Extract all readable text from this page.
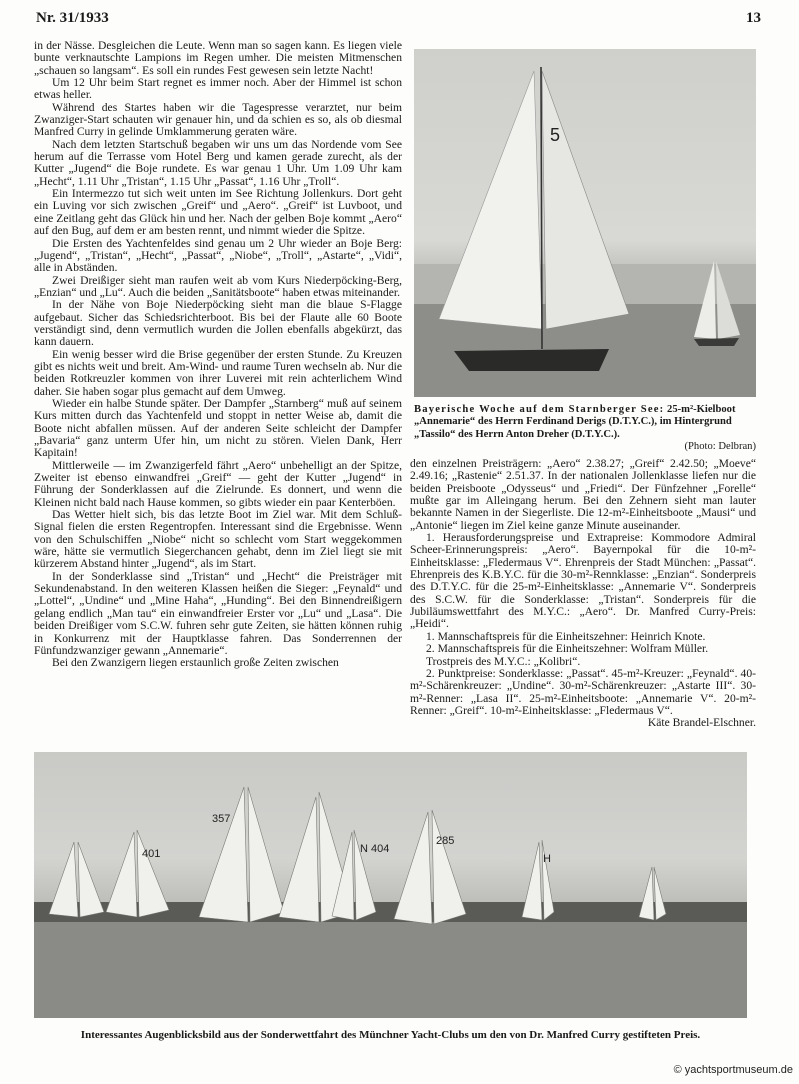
Nr. 31/1933	13

in der Nässe. Desgleichen die Leute. Wenn man so sagen kann. Es liegen viele bunte verknautschte Lampions im Regen umher. Die meisten Mitmenschen „schauen so langsam“. Es soll ein rundes Fest gewesen sein letzte Nacht!

Um 12 Uhr beim Start regnet es immer noch. Aber der Himmel ist schon etwas heller.

Während des Startes haben wir die Tagespresse verarztet, nur beim Zwanziger-Start schauten wir genauer hin, und da schien es so, als ob diesmal Manfred Curry in gelinde Umklammerung geraten wäre.

Nach dem letzten Startschuß begaben wir uns um das Nordende vom See herum auf die Terrasse vom Hotel Berg und kamen gerade zurecht, als der Kutter „Jugend“ die Boje rundete. Es war genau 1 Uhr. Um 1.09 Uhr kam „Hecht“, 1.11 Uhr „Tristan“, 1.15 Uhr „Passat“, 1.16 Uhr „Troll“.

Ein Intermezzo tut sich weit unten im See Richtung Jollenkurs. Dort geht ein Luving vor sich zwischen „Greif“ und „Aero“. „Greif“ ist Luvboot, und eine Zeitlang geht das Glück hin und her. Nach der gelben Boje kommt „Aero“ auf den Bug, auf dem er am besten rennt, und nimmt wieder die Spitze.

Die Ersten des Yachtenfeldes sind genau um 2 Uhr wieder an Boje Berg: „Jugend“, „Tristan“, „Hecht“, „Passat“, „Niobe“, „Troll“, „Astarte“, „Vidi“, alle in Abständen.

Zwei Dreißiger sieht man raufen weit ab vom Kurs Niederpöcking-Berg, „Enzian“ und „Lu“. Auch die beiden „Sanitätsboote“ haben etwas miteinander.

In der Nähe von Boje Niederpöcking sieht man die blaue S-Flagge aufgebaut. Sicher das Schiedsrichterboot. Bis bei der Flaute alle 60 Boote verständigt sind, denn vermutlich wurden die Jollen ebenfalls abgekürzt, das kann dauern.

Ein wenig besser wird die Brise gegenüber der ersten Stunde. Zu Kreuzen gibt es nichts weit und breit. Am-Wind- und raume Turen wechseln ab. Nur die beiden Rotkreuzler kommen von ihrer Luverei mit rein achterlichem Wind daher. Sie haben sogar plus gemacht auf dem Umweg.

Wieder ein halbe Stunde später. Der Dampfer „Starnberg“ muß auf seinem Kurs mitten durch das Yachtenfeld und stoppt in netter Weise ab, damit die Boote nicht abfallen müssen. Auf der anderen Seite schleicht der Dampfer „Bavaria“ ganz unterm Ufer hin, um nicht zu stören. Vielen Dank, Herr Kapitain!

Mittlerweile — im Zwanzigerfeld fährt „Aero“ unbehelligt an der Spitze, Zweiter ist ebenso einwandfrei „Greif“ — geht der Kutter „Jugend“ in Führung der Sonderklassen auf die Zielrunde. Es donnert, und wenn die Kleinen nicht bald nach Hause kommen, so gibts wieder ein paar Kenterböen.

Das Wetter hielt sich, bis das letzte Boot im Ziel war. Mit dem Schluß-Signal fielen die ersten Regentropfen. Interessant sind die Ergebnisse. Wenn von den Schulschiffen „Niobe“ nicht so schlecht vom Start weggekommen wäre, hätte sie vermutlich Siegerchancen gehabt, denn im Ziel liegt sie mit kürzerem Abstand hinter „Jugend“, als im Start.

In der Sonderklasse sind „Tristan“ und „Hecht“ die Preisträger mit Sekundenabstand. In den weiteren Klassen heißen die Sieger: „Feynald“ und „Lottel“, „Undine“ und „Mine Haha“, „Hunding“. Bei den Binnendreißigern gelang endlich „Man tau“ ein einwandfreier Erster vor „Lu“ und „Lasa“. Die beiden Dreißiger vom S.C.W. fuhren sehr gute Zeiten, sie hätten können ruhig in Konkurrenz mit der Hauptklasse fahren. Das Sonderrennen der Fünfundzwanziger gewann „Annemarie“.

Bei den Zwanzigern liegen erstaunlich große Zeiten zwischen

5
Bayerische Woche auf dem Starnberger See: 25-m²-Kielboot „Annemarie“ des Herrn Ferdinand Derigs (D.T.Y.C.), im Hintergrund „Tassilo“ des Herrn Anton Dreher (D.T.Y.C.).
(Photo: Delbran)

den einzelnen Preisträgern: „Aero“ 2.38.27; „Greif“ 2.42.50; „Moeve“ 2.49.16; „Rastenie“ 2.51.37. In der nationalen Jollenklasse liefen nur die beiden Preisboote „Odysseus“ und „Friedi“. Der Fünfzehner „Forelle“ mußte gar im Alleingang herum. Bei den Zehnern sieht man lauter bekannte Namen in der Siegerliste. Die 12-m²-Einheitsboote „Mausi“ und „Antonie“ liegen im Ziel keine ganze Minute auseinander.

1. Herausforderungspreise und Extrapreise: Kommodore Admiral Scheer-Erinnerungspreis: „Aero“. Bayernpokal für die 10-m²-Einheitsklasse: „Fledermaus V“. Ehrenpreis der Stadt München: „Passat“. Ehrenpreis des K.B.Y.C. für die 30-m²-Rennklasse: „Enzian“. Sonderpreis des D.T.Y.C. für die 25-m²-Einheitsklasse: „Annemarie V“. Sonderpreis des S.C.W. für die Sonderklasse: „Tristan“. Sonderpreis für die Jubiläumswettfahrt des M.Y.C.: „Aero“. Dr. Manfred Curry-Preis: „Heidi“.

1. Mannschaftspreis für die Einheitszehner: Heinrich Knote.

2. Mannschaftspreis für die Einheitszehner: Wolfram Müller.

Trostpreis des M.Y.C.: „Kolibri“.

2. Punktpreise: Sonderklasse: „Passat“. 45-m²-Kreuzer: „Feynald“. 40-m²-Schärenkreuzer: „Undine“. 30-m²-Schärenkreuzer: „Astarte III“. 30-m²-Renner: „Lasa II“. 25-m²-Einheitsboote: „Annemarie V“. 20-m²-Renner: „Greif“. 10-m²-Einheitsklasse: „Fledermaus V“.
Käte Brandel-Elschner.

401
357
N 404
285
H
Interessantes Augenblicksbild aus der Sonderwettfahrt des Münchner Yacht-Clubs um den von Dr. Manfred Curry gestifteten Preis.
© yachtsportmuseum.de
